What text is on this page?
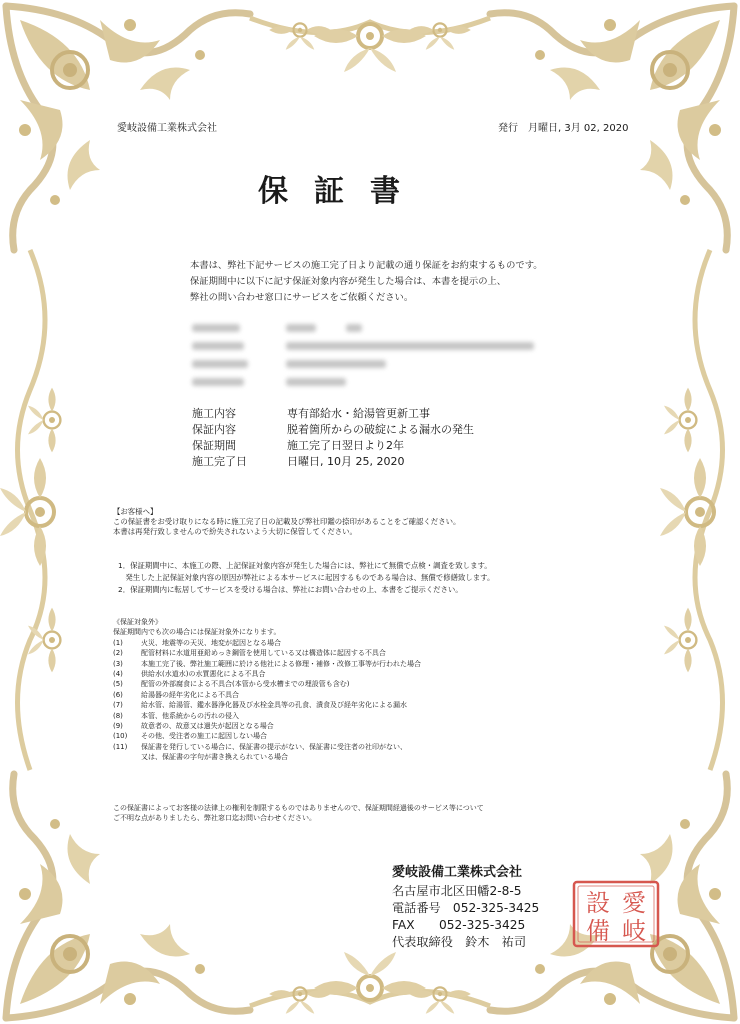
愛岐設備工業株式会社	発行　月曜日, 3月 02, 2020
保証書
本書は、弊社下記サービスの施工完了日より記載の通り保証をお約束するものです。
保証期間中に以下に記す保証対象内容が発生した場合は、本書を提示の上、
弊社の問い合わせ窓口にサービスをご依頼ください。
施工内容	専有部給水・給湯管更新工事
保証内容	脱着箇所からの破綻による漏水の発生
保証期間	施工完了日翌日より2年
施工完了日	日曜日, 10月 25, 2020
【お客様へ】
この保証書をお受け取りになる時に施工完了日の記載及び弊社印鑑の捺印があることをご確認ください。
本書は再発行致しませんので紛失されないよう大切に保管してください。
1．保証期間中に、本施工の際、上記保証対象内容が発生した場合には、弊社にて無償で点検・調査を致します。
　発生した上記保証対象内容の原因が弊社による本サービスに起因するものである場合は、無償で修繕致します。
2．保証期間内に転居してサービスを受ける場合は、弊社にお問い合わせの上、本書をご提示ください。
《保証対象外》
保証期間内でも次の場合には保証対象外になります。
(1)	火災、地震等の天災、地変が起因となる場合
(2)	配管材料に水道用亜鉛めっき鋼管を使用している又は構造体に起因する不具合
(3)	本施工完了後、弊社施工範囲に於ける他社による修理・補修・改修工事等が行われた場合
(4)	供給水(水道水)の水質悪化による不具合
(5)	配管の外部腐食による不具合(本管から受水槽までの埋設管も含む)
(6)	給湯器の経年劣化による不具合
(7)	給水管、給湯管、鑑水器浄化器及び水栓金具等の孔食、潰食及び経年劣化による漏水
(8)	本管、他系統からの汚れの侵入
(9)	故意者の、故意又は過失が起因となる場合
(10)	その他、受注者の施工に起因しない場合
(11)	保証書を発行している場合に、保証書の提示がない、保証書に受注者の社印がない、
又は、保証書の字句が書き換えられている場合
この保証書によってお客様の法律上の権利を制限するものではありませんので、保証期間経過後のサービス等について
ご不明な点がありましたら、弊社窓口迄お問い合わせください。
愛岐設備工業株式会社
名古屋市北区田幡2-8-5
電話番号　052-325-3425
FAX　　052-325-3425
代表取締役　鈴木　祐司
愛
岐
設
備
